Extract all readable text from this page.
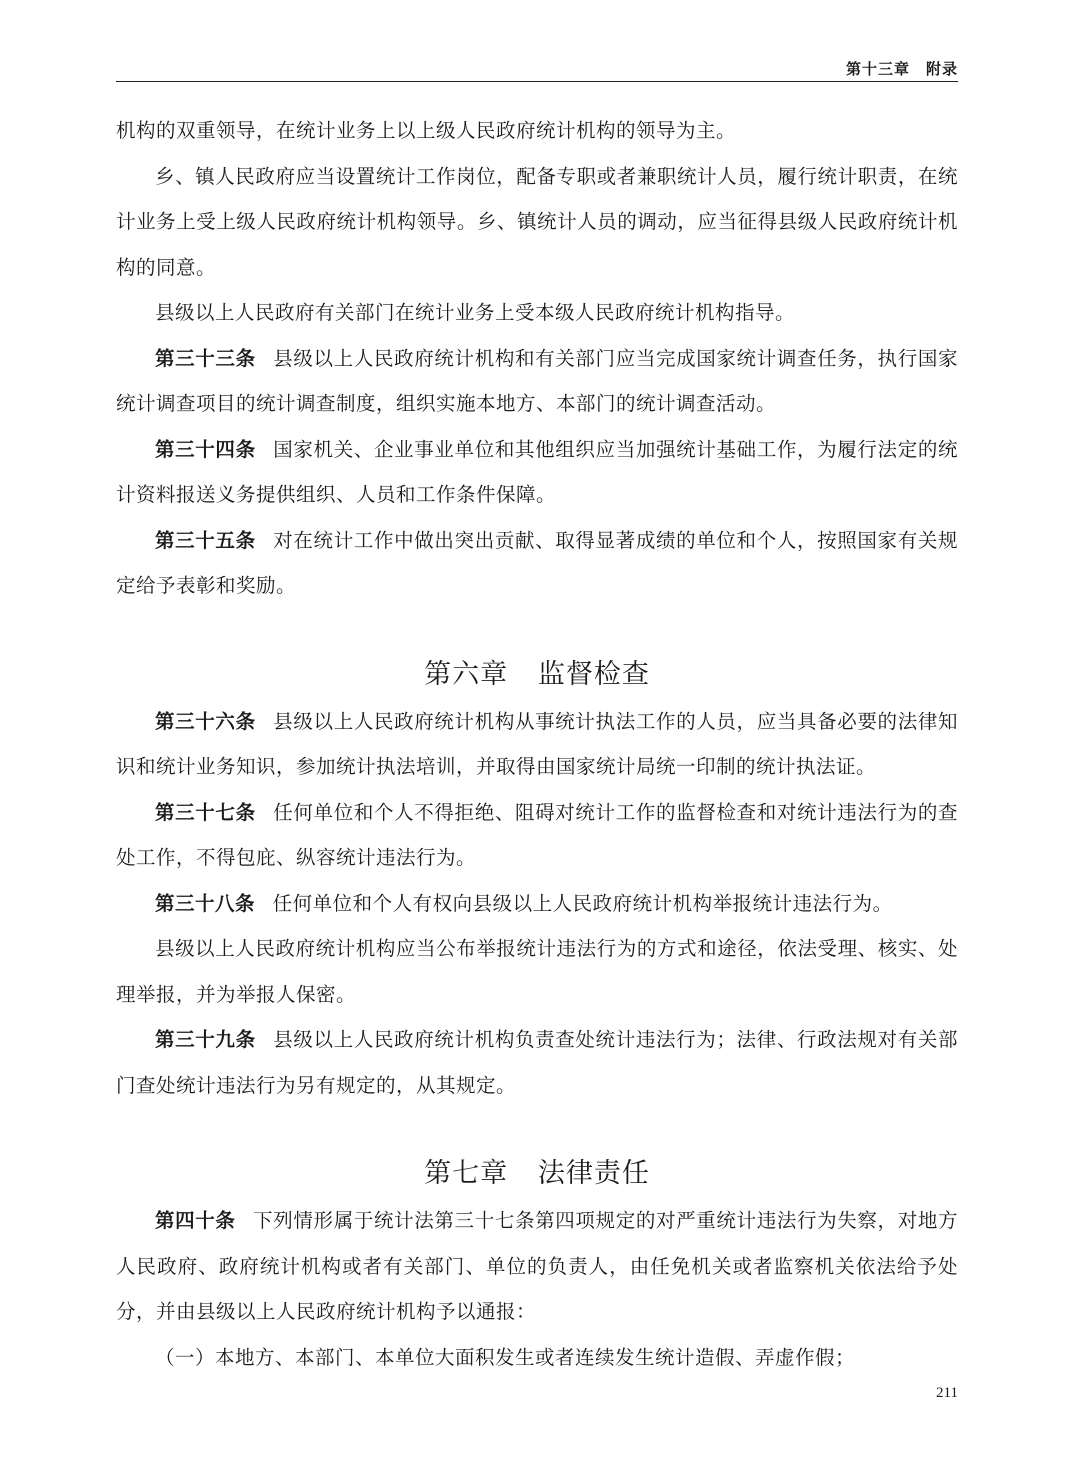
第十三章　附录

机构的双重领导，在统计业务上以上级人民政府统计机构的领导为主。

乡、镇人民政府应当设置统计工作岗位，配备专职或者兼职统计人员，履行统计职责，在统计业务上受上级人民政府统计机构领导。乡、镇统计人员的调动，应当征得县级人民政府统计机构的同意。

县级以上人民政府有关部门在统计业务上受本级人民政府统计机构指导。

第三十三条 县级以上人民政府统计机构和有关部门应当完成国家统计调查任务，执行国家统计调查项目的统计调查制度，组织实施本地方、本部门的统计调查活动。

第三十四条 国家机关、企业事业单位和其他组织应当加强统计基础工作，为履行法定的统计资料报送义务提供组织、人员和工作条件保障。

第三十五条 对在统计工作中做出突出贡献、取得显著成绩的单位和个人，按照国家有关规定给予表彰和奖励。

第六章 监督检查

第三十六条 县级以上人民政府统计机构从事统计执法工作的人员，应当具备必要的法律知识和统计业务知识，参加统计执法培训，并取得由国家统计局统一印制的统计执法证。

第三十七条 任何单位和个人不得拒绝、阻碍对统计工作的监督检查和对统计违法行为的查处工作，不得包庇、纵容统计违法行为。

第三十八条 任何单位和个人有权向县级以上人民政府统计机构举报统计违法行为。

县级以上人民政府统计机构应当公布举报统计违法行为的方式和途径，依法受理、核实、处理举报，并为举报人保密。

第三十九条 县级以上人民政府统计机构负责查处统计违法行为；法律、行政法规对有关部门查处统计违法行为另有规定的，从其规定。

第七章 法律责任

第四十条 下列情形属于统计法第三十七条第四项规定的对严重统计违法行为失察，对地方人民政府、政府统计机构或者有关部门、单位的负责人，由任免机关或者监察机关依法给予处分，并由县级以上人民政府统计机构予以通报：

（一）本地方、本部门、本单位大面积发生或者连续发生统计造假、弄虚作假；

211
